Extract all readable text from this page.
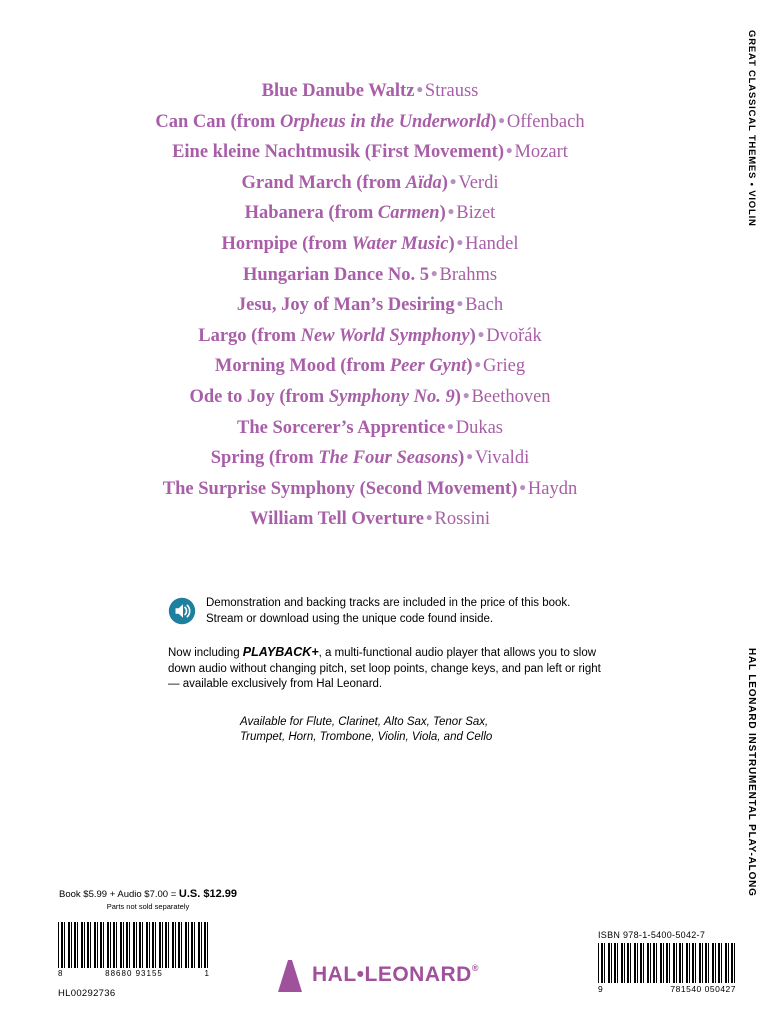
GREAT CLASSICAL THEMES • VIOLIN
HAL LEONARD INSTRUMENTAL PLAY-ALONG
Blue Danube Waltz • Strauss
Can Can (from Orpheus in the Underworld) • Offenbach
Eine kleine Nachtmusik (First Movement) • Mozart
Grand March (from Aïda) • Verdi
Habanera (from Carmen) • Bizet
Hornpipe (from Water Music) • Handel
Hungarian Dance No. 5 • Brahms
Jesu, Joy of Man’s Desiring • Bach
Largo (from New World Symphony) • Dvořák
Morning Mood (from Peer Gynt) • Grieg
Ode to Joy (from Symphony No. 9) • Beethoven
The Sorcerer’s Apprentice • Dukas
Spring (from The Four Seasons) • Vivaldi
The Surprise Symphony (Second Movement) • Haydn
William Tell Overture • Rossini
Demonstration and backing tracks are included in the price of this book.
Stream or download using the unique code found inside.
Now including PLAYBACK+, a multi-functional audio player that allows you to slow down audio without changing pitch, set loop points, change keys, and pan left or right — available exclusively from Hal Leonard.
Available for Flute, Clarinet, Alto Sax, Tenor Sax,
Trumpet, Horn, Trombone, Violin, Viola, and Cello
Book $5.99 + Audio $7.00 = U.S. $12.99
Parts not sold separately
8	88680 93155	1
HL00292736
ISBN 978-1-5400-5042-7
9	781540 050427
HAL•LEONARD®
